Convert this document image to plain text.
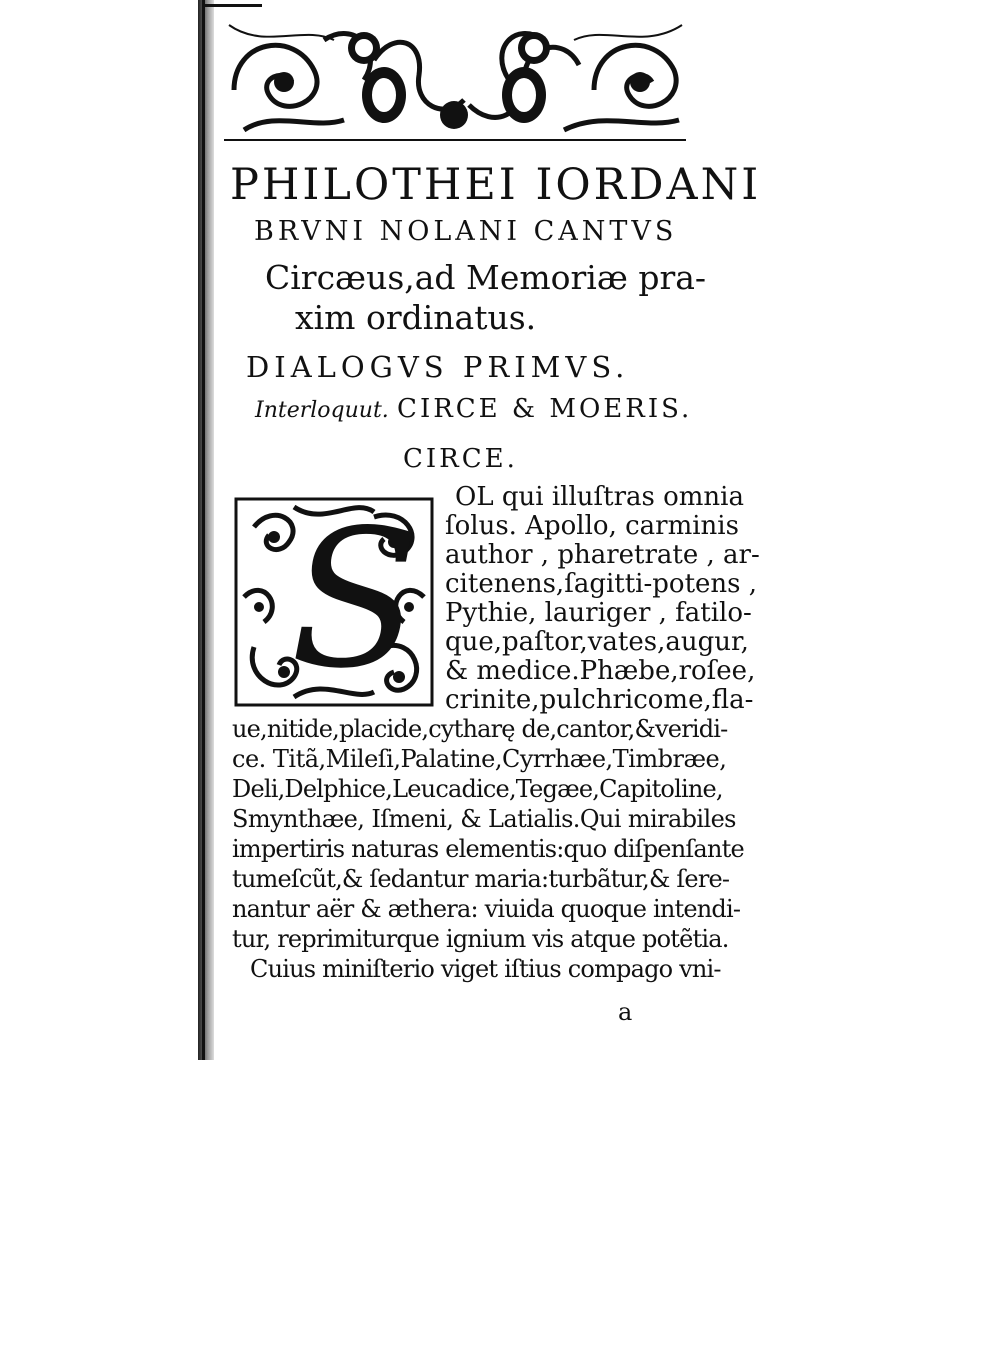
PHILOTHEI IORDANI
BRVNI NOLANI CANTVS
Circæus,ad Memoriæ pra-
xim ordinatus.
DIALOGVS PRIMVS.
Interloquut. CIRCE & MOERIS.
CIRCE.
S OL qui illuſtras omnia
ſolus. Apollo, carminis
author , pharetrate , ar-
citenens,ſagitti-potens ,
Pythie, lauriger , fatilo-
que,paſtor,vates,augur,
& medice.Phæbe,roſee,
crinite,pulchricome,fla-
ue,nitide,placide,cytharę de,cantor,&veridi-
ce. Titã,Mileſi,Palatine,Cyrrhæe,Timbræe,
Deli,Delphice,Leucadice,Tegæe,Capitoline,
Smynthæe, Iſmeni, & Latialis.Qui mirabiles
impertiris naturas elementis:quo diſpenſante
tumeſcũt,& ſedantur maria:turbãtur,& ſere-
nantur aër & æthera: viuida quoque intendi-
tur, reprimiturque ignium vis atque potẽtia.
Cuius miniſterio viget iſtius compago vni-
a
